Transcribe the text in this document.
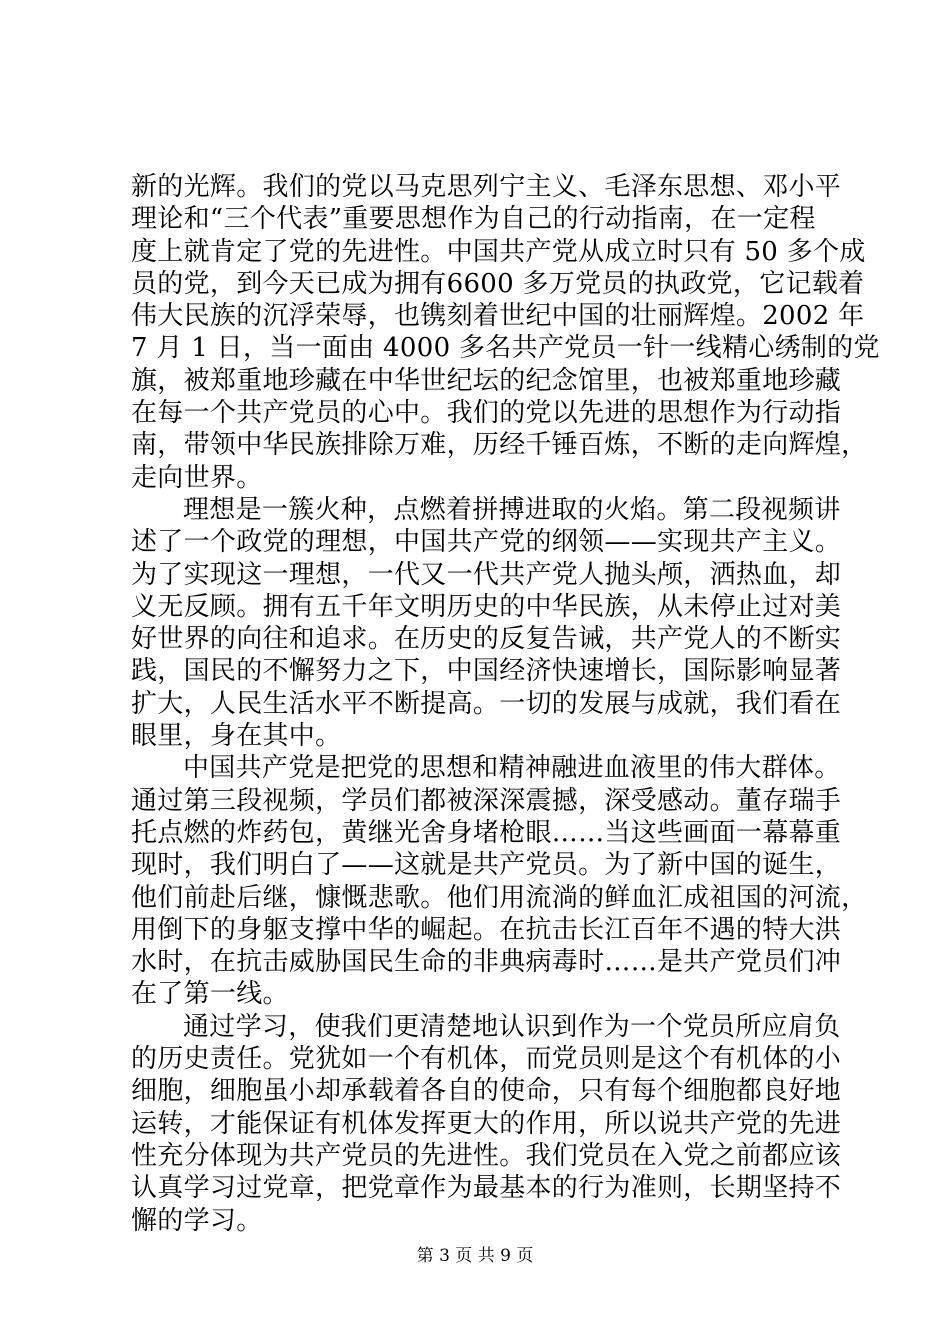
新的光辉。我们的党以马克思列宁主义、毛泽东思想、邓小平
理论和“三个代表”重要思想作为自己的行动指南，在一定程
度上就肯定了党的先进性。中国共产党从成立时只有 50 多个成
员的党，到今天已成为拥有6600 多万党员的执政党，它记载着
伟大民族的沉浮荣辱，也镌刻着世纪中国的壮丽辉煌。2002 年
7 月 1 日，当一面由 4000 多名共产党员一针一线精心绣制的党
旗，被郑重地珍藏在中华世纪坛的纪念馆里，也被郑重地珍藏
在每一个共产党员的心中。我们的党以先进的思想作为行动指
南，带领中华民族排除万难，历经千锤百炼，不断的走向辉煌，
走向世界。
理想是一簇火种，点燃着拼搏进取的火焰。第二段视频讲
述了一个政党的理想，中国共产党的纲领——实现共产主义。
为了实现这一理想，一代又一代共产党人抛头颅，洒热血，却
义无反顾。拥有五千年文明历史的中华民族，从未停止过对美
好世界的向往和追求。在历史的反复告诫，共产党人的不断实
践，国民的不懈努力之下，中国经济快速增长，国际影响显著
扩大，人民生活水平不断提高。一切的发展与成就，我们看在
眼里，身在其中。
中国共产党是把党的思想和精神融进血液里的伟大群体。
通过第三段视频，学员们都被深深震撼，深受感动。董存瑞手
托点燃的炸药包，黄继光舍身堵枪眼……当这些画面一幕幕重
现时，我们明白了——这就是共产党员。为了新中国的诞生，
他们前赴后继，慷慨悲歌。他们用流淌的鲜血汇成祖国的河流，
用倒下的身躯支撑中华的崛起。在抗击长江百年不遇的特大洪
水时，在抗击威胁国民生命的非典病毒时……是共产党员们冲
在了第一线。
通过学习，使我们更清楚地认识到作为一个党员所应肩负
的历史责任。党犹如一个有机体，而党员则是这个有机体的小
细胞，细胞虽小却承载着各自的使命，只有每个细胞都良好地
运转，才能保证有机体发挥更大的作用，所以说共产党的先进
性充分体现为共产党员的先进性。我们党员在入党之前都应该
认真学习过党章，把党章作为最基本的行为准则，长期坚持不
懈的学习。
第 3 页 共 9 页
